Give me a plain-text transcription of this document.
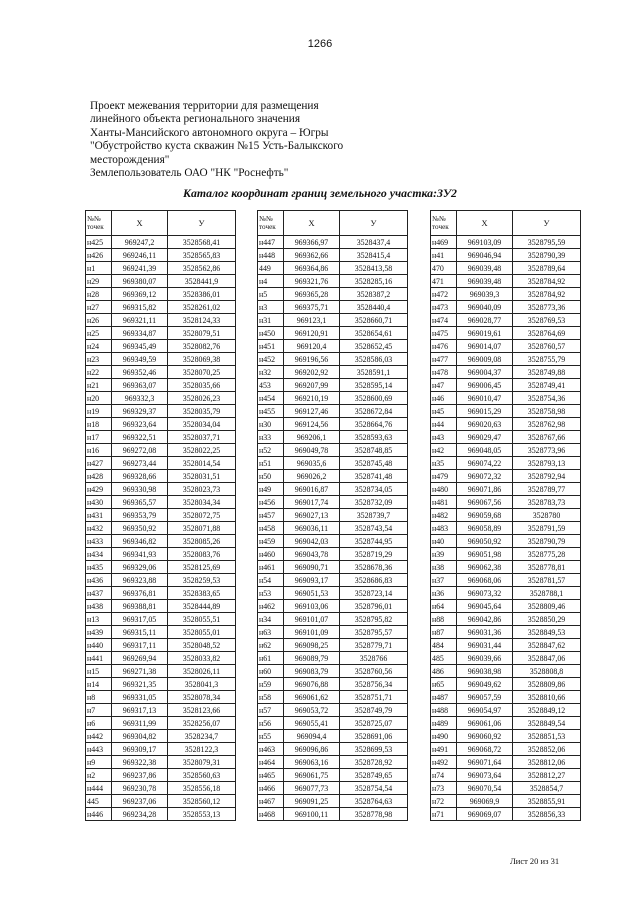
1266
Проект межевания территории для размещения
линейного объекта регионального значения
Ханты-Мансийского автономного округа – Югры
"Обустройство куста скважин №15 Усть-Балыкского
месторождения"
Землепользователь ОАО "НК "Роснефть"
Каталог координат границ земельного участка:ЗУ2
№№
точек	X	У
н425	969247,2	3528568,41
н426	969246,11	3528565,83
н1	969241,39	3528562,86
н29	969380,07	3528441,9
н28	969369,12	3528386,01
н27	969315,82	3528261,02
н26	969321,11	3528124,33
н25	969334,87	3528079,51
н24	969345,49	3528082,76
н23	969349,59	3528069,38
н22	969352,46	3528070,25
н21	969363,07	3528035,66
н20	969332,3	3528026,23
н19	969329,37	3528035,79
н18	969323,64	3528034,04
н17	969322,51	3528037,71
н16	969272,08	3528022,25
н427	969273,44	3528014,54
н428	969328,66	3528031,51
н429	969330,98	3528023,73
н430	969365,57	3528034,34
н431	969353,79	3528072,75
н432	969350,92	3528071,88
н433	969346,82	3528085,26
н434	969341,93	3528083,76
н435	969329,06	3528125,69
н436	969323,88	3528259,53
н437	969376,81	3528383,65
н438	969388,81	3528444,89
н13	969317,05	3528055,51
н439	969315,11	3528055,01
н440	969317,11	3528048,52
н441	969269,94	3528033,82
н15	969271,38	3528026,11
н14	969321,35	3528041,3
н8	969331,05	3528078,34
н7	969317,13	3528123,66
н6	969311,99	3528256,07
н442	969304,82	3528234,7
н443	969309,17	3528122,3
н9	969322,38	3528079,31
н2	969237,86	3528560,63
н444	969230,78	3528556,18
445	969237,06	3528560,12
н446	969234,28	3528553,13
№№
точек	X	У
н447	969366,97	3528437,4
н448	969362,66	3528415,4
449	969364,86	3528413,58
н4	969321,76	3528285,16
н5	969365,28	3528387,2
н3	969375,71	3528440,4
н31	969123,1	3528660,71
н450	969120,91	3528654,61
н451	969120,4	3528652,45
н452	969196,56	3528586,03
н32	969202,92	3528591,1
453	969207,99	3528595,14
н454	969210,19	3528600,69
н455	969127,46	3528672,84
н30	969124,56	3528664,76
н33	969206,1	3528593,63
н52	969049,78	3528748,85
н51	969035,6	3528745,48
н50	969026,2	3528741,48
н49	969016,87	3528734,05
н456	969017,74	3528732,09
н457	969027,13	3528739,7
н458	969036,11	3528743,54
н459	969042,03	3528744,95
н460	969043,78	3528719,29
н461	969090,71	3528678,36
н54	969093,17	3528686,83
н53	969051,53	3528723,14
н462	969103,06	3528796,01
н34	969101,07	3528795,82
н63	969101,09	3528795,57
н62	969098,25	3528779,71
н61	969089,79	3528766
н60	969083,79	3528760,56
н59	969076,88	3528756,34
н58	969061,62	3528751,71
н57	969053,72	3528749,79
н56	969055,41	3528725,07
н55	969094,4	3528691,06
н463	969096,86	3528699,53
н464	969063,16	3528728,92
н465	969061,75	3528749,65
н466	969077,73	3528754,54
н467	969091,25	3528764,63
н468	969100,11	3528778,98
№№
точек	X	У
н469	969103,09	3528795,59
н41	969046,94	3528790,39
470	969039,48	3528789,64
471	969039,48	3528784,92
н472	969039,3	3528784,92
н473	969040,09	3528773,36
н474	969028,77	3528769,53
н475	969019,61	3528764,69
н476	969014,07	3528760,57
н477	969009,08	3528755,79
н478	969004,37	3528749,88
н47	969006,45	3528749,41
н46	969010,47	3528754,36
н45	969015,29	3528758,98
н44	969020,63	3528762,98
н43	969029,47	3528767,66
н42	969048,05	3528773,96
н35	969074,22	3528793,13
н479	969072,32	3528792,94
н480	969071,86	3528789,77
н481	969067,56	3528783,73
н482	969059,68	3528780
н483	969058,89	3528791,59
н40	969050,92	3528790,79
н39	969051,98	3528775,28
н38	969062,38	3528778,81
н37	969068,06	3528781,57
н36	969073,32	3528788,1
н64	969045,64	3528809,46
н88	969042,86	3528850,29
н87	969031,36	3528849,53
484	969031,44	3528847,62
485	969039,66	3528847,06
486	969038,98	3528808,8
н65	969049,62	3528809,86
н487	969057,59	3528810,66
н488	969054,97	3528849,12
н489	969061,06	3528849,54
н490	969060,92	3528851,53
н491	969068,72	3528852,06
н492	969071,64	3528812,06
н74	969073,64	3528812,27
н73	969070,54	3528854,7
н72	969069,9	3528855,91
н71	969069,07	3528856,33
Лист 20 из 31
